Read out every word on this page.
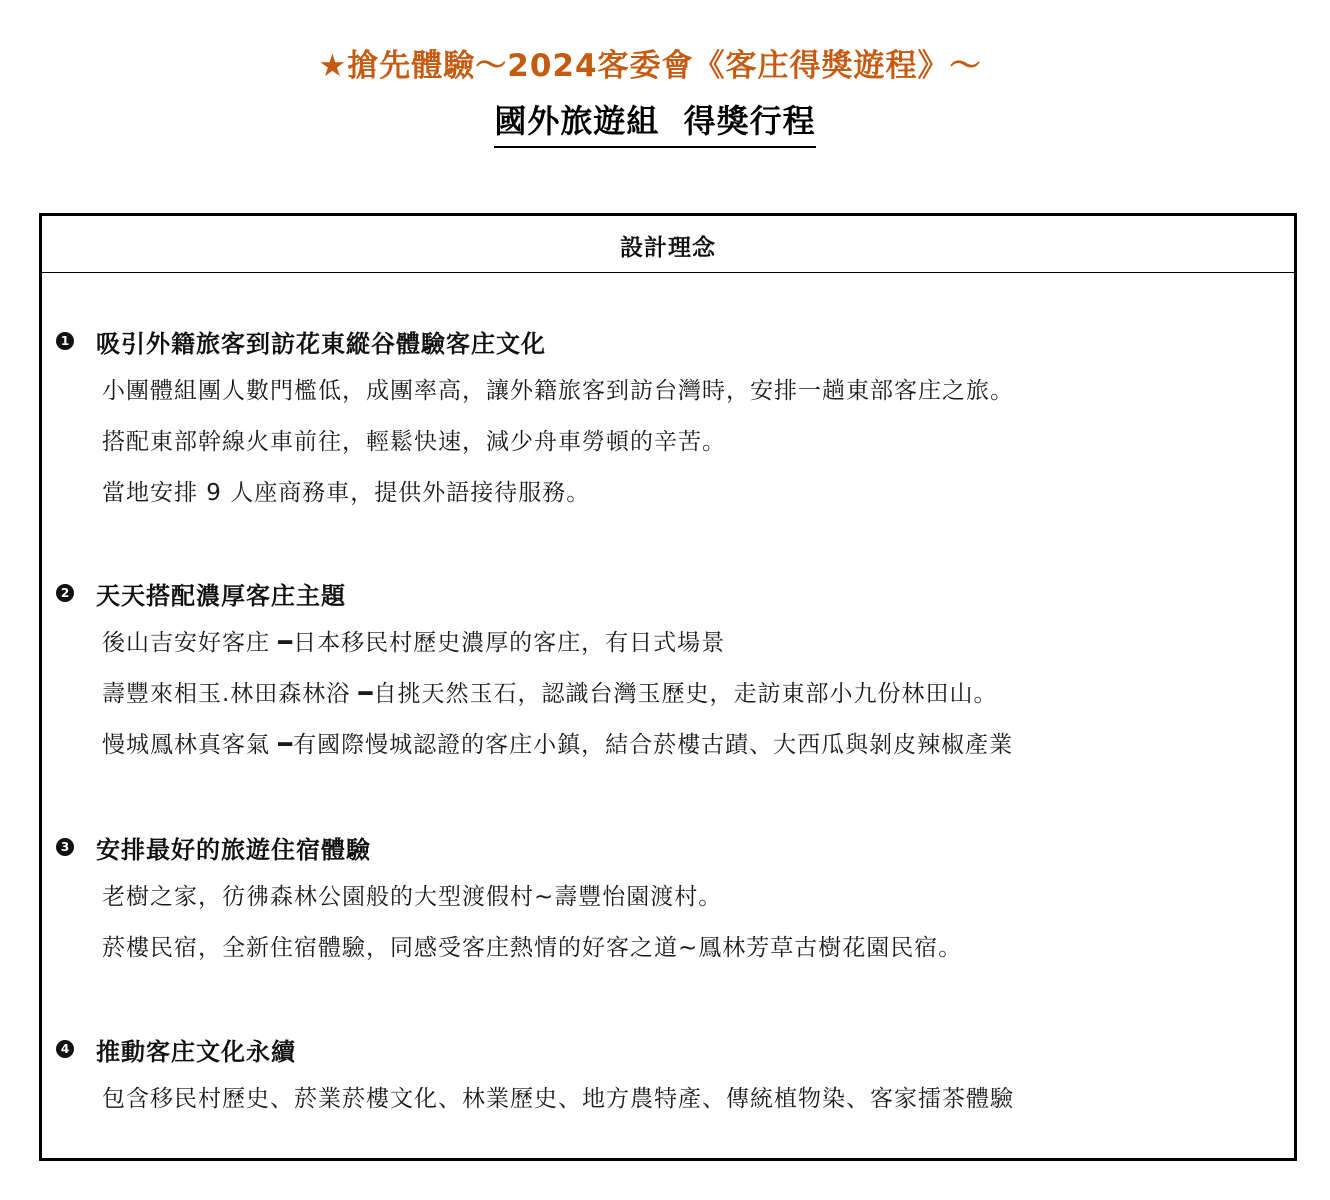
★搶先體驗～2024客委會《客庄得獎遊程》～
國外旅遊組  得獎行程
設計理念
1 吸引外籍旅客到訪花東縱谷體驗客庄文化
小團體組團人數門檻低，成團率高，讓外籍旅客到訪台灣時，安排一趟東部客庄之旅。
搭配東部幹線火車前往，輕鬆快速，減少舟車勞頓的辛苦。
當地安排 9 人座商務車，提供外語接待服務。
2 天天搭配濃厚客庄主題
後山吉安好客庄 ━日本移民村歷史濃厚的客庄，有日式場景
壽豐來相玉.林田森林浴 ━自挑天然玉石，認識台灣玉歷史，走訪東部小九份林田山。
慢城鳳林真客氣 ━有國際慢城認證的客庄小鎮，結合菸樓古蹟、大西瓜與剝皮辣椒產業
3 安排最好的旅遊住宿體驗
老樹之家，彷彿森林公園般的大型渡假村~壽豐怡園渡村。
菸樓民宿，全新住宿體驗，同感受客庄熱情的好客之道~鳳林芳草古樹花園民宿。
4 推動客庄文化永續
包含移民村歷史、菸業菸樓文化、林業歷史、地方農特產、傳統植物染、客家擂茶體驗
